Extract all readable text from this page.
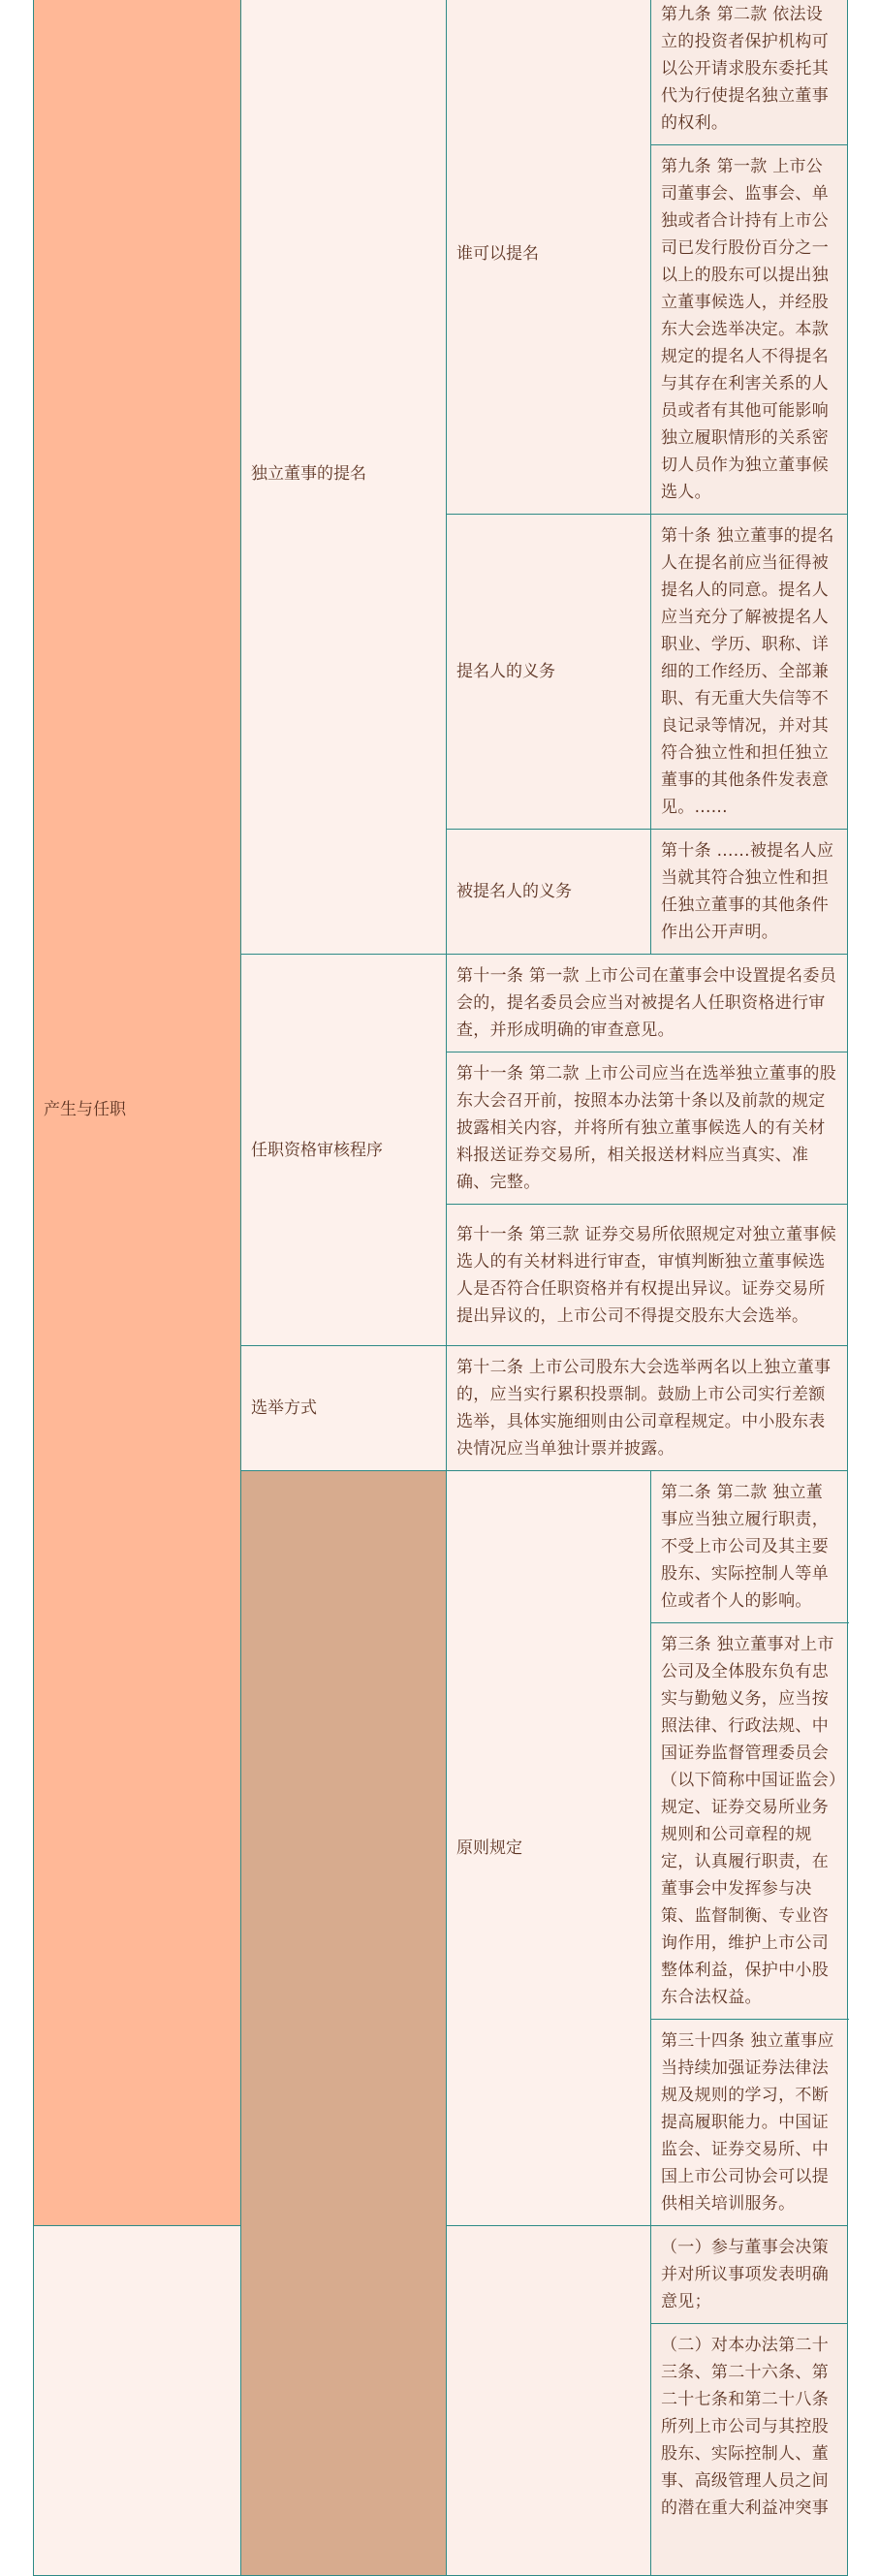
产生与任职	独立董事的提名	谁可以提名	第九条 第二款 依法设立的投资者保护机构可以公开请求股东委托其代为行使提名独立董事的权利。
			第九条 第一款 上市公司董事会、监事会、单独或者合计持有上市公司已发行股份百分之一以上的股东可以提出独立董事候选人，并经股东大会选举决定。本款规定的提名人不得提名与其存在利害关系的人员或者有其他可能影响独立履职情形的关系密切人员作为独立董事候选人。
		提名人的义务	第十条 独立董事的提名人在提名前应当征得被提名人的同意。提名人应当充分了解被提名人职业、学历、职称、详细的工作经历、全部兼职、有无重大失信等不良记录等情况，并对其符合独立性和担任独立董事的其他条件发表意见。......
		被提名人的义务	第十条 ......被提名人应当就其符合独立性和担任独立董事的其他条件作出公开声明。
	任职资格审核程序	第十一条 第一款 上市公司在董事会中设置提名委员会的，提名委员会应当对被提名人任职资格进行审查，并形成明确的审查意见。	
		第十一条 第二款 上市公司应当在选举独立董事的股东大会召开前，按照本办法第十条以及前款的规定披露相关内容，并将所有独立董事候选人的有关材料报送证券交易所，相关报送材料应当真实、准确、完整。	
		第十一条 第三款 证券交易所依照规定对独立董事候选人的有关材料进行审查，审慎判断独立董事候选人是否符合任职资格并有权提出异议。证券交易所提出异议的，上市公司不得提交股东大会选举。	
	选举方式	第十二条 上市公司股东大会选举两名以上独立董事的，应当实行累积投票制。鼓励上市公司实行差额选举，具体实施细则由公司章程规定。中小股东表决情况应当单独计票并披露。	
		原则规定	第二条 第二款 独立董事应当独立履行职责，不受上市公司及其主要股东、实际控制人等单位或者个人的影响。
			第三条 独立董事对上市公司及全体股东负有忠实与勤勉义务，应当按照法律、行政法规、中国证券监督管理委员会（以下简称中国证监会）规定、证券交易所业务规则和公司章程的规定，认真履行职责，在董事会中发挥参与决策、监督制衡、专业咨询作用，维护上市公司整体利益，保护中小股东合法权益。
			第三十四条 独立董事应当持续加强证券法律法规及规则的学习，不断提高履职能力。中国证监会、证券交易所、中国上市公司协会可以提供相关培训服务。
			（一）参与董事会决策并对所议事项发表明确意见；
			（二）对本办法第二十三条、第二十六条、第二十七条和第二十八条所列上市公司与其控股股东、实际控制人、董事、高级管理人员之间的潜在重大利益冲突事
